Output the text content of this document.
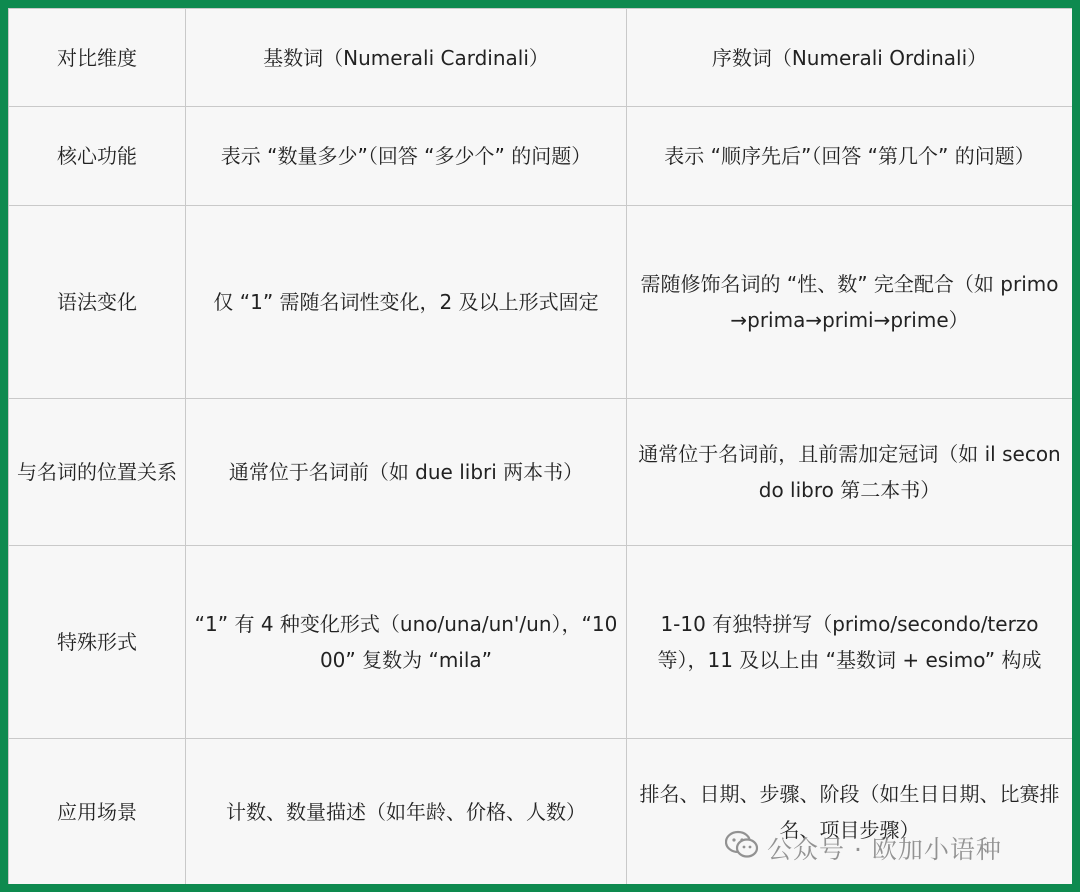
对比维度	基数词（Numerali Cardinali）	序数词（Numerali Ordinali）
核心功能	表示 “数量多少”（回答 “多少个” 的问题）	表示 “顺序先后”（回答 “第几个” 的问题）
语法变化	仅 “1” 需随名词性变化，2 及以上形式固定	需随修饰名词的 “性、数” 完全配合（如 primo→prima→primi→prime）
与名词的位置关系	通常位于名词前（如 due libri 两本书）	通常位于名词前，且前需加定冠词（如 il secondo libro 第二本书）
特殊形式	“1” 有 4 种变化形式（uno/una/un'/un），“1000” 复数为 “mila”	1-10 有独特拼写（primo/secondo/terzo 等），11 及以上由 “基数词 + esimo” 构成
应用场景	计数、数量描述（如年龄、价格、人数）	排名、日期、步骤、阶段（如生日日期、比赛排名、项目步骤）
公众号 · 欧加小语种
